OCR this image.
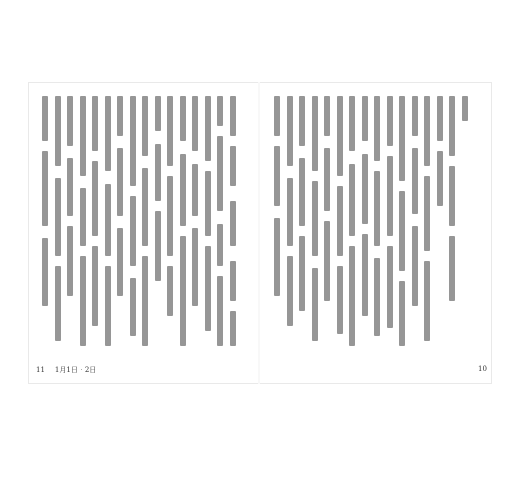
11 1月1日‧2日	10
